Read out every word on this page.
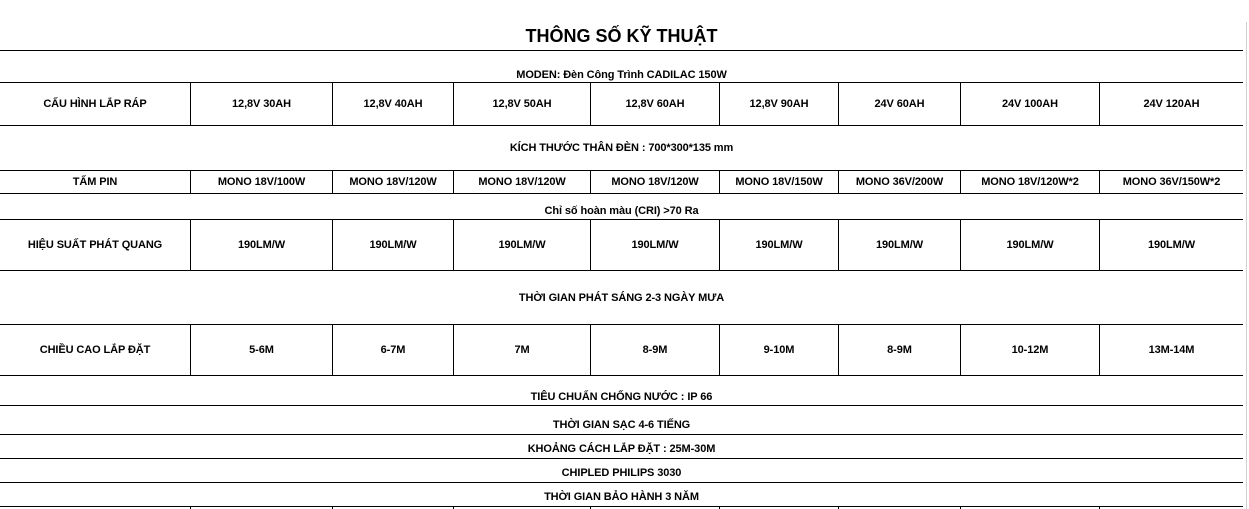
THÔNG SỐ KỸ THUẬT
MODEN: Đèn Công Trình CADILAC 150W
CẤU HÌNH LẮP RÁP	12,8V 30AH	12,8V 40AH	12,8V 50AH	12,8V 60AH	12,8V 90AH	24V 60AH	24V 100AH	24V 120AH
KÍCH THƯỚC THÂN ĐÈN : 700*300*135 mm
TẤM PIN	MONO 18V/100W	MONO 18V/120W	MONO 18V/120W	MONO 18V/120W	MONO 18V/150W	MONO 36V/200W	MONO 18V/120W*2	MONO 36V/150W*2
Chỉ số hoàn màu (CRI) >70 Ra
HIỆU SUẤT PHÁT QUANG	190LM/W	190LM/W	190LM/W	190LM/W	190LM/W	190LM/W	190LM/W	190LM/W
THỜI GIAN PHÁT SÁNG 2-3 NGÀY MƯA
CHIỀU CAO LẮP ĐẶT	5-6M	6-7M	7M	8-9M	9-10M	8-9M	10-12M	13M-14M
TIÊU CHUẨN CHỐNG NƯỚC : IP 66
THỜI GIAN SẠC 4-6 TIẾNG
KHOẢNG CÁCH LẮP ĐẶT : 25M-30M
CHIPLED PHILIPS 3030
THỜI GIAN BẢO HÀNH 3 NĂM
